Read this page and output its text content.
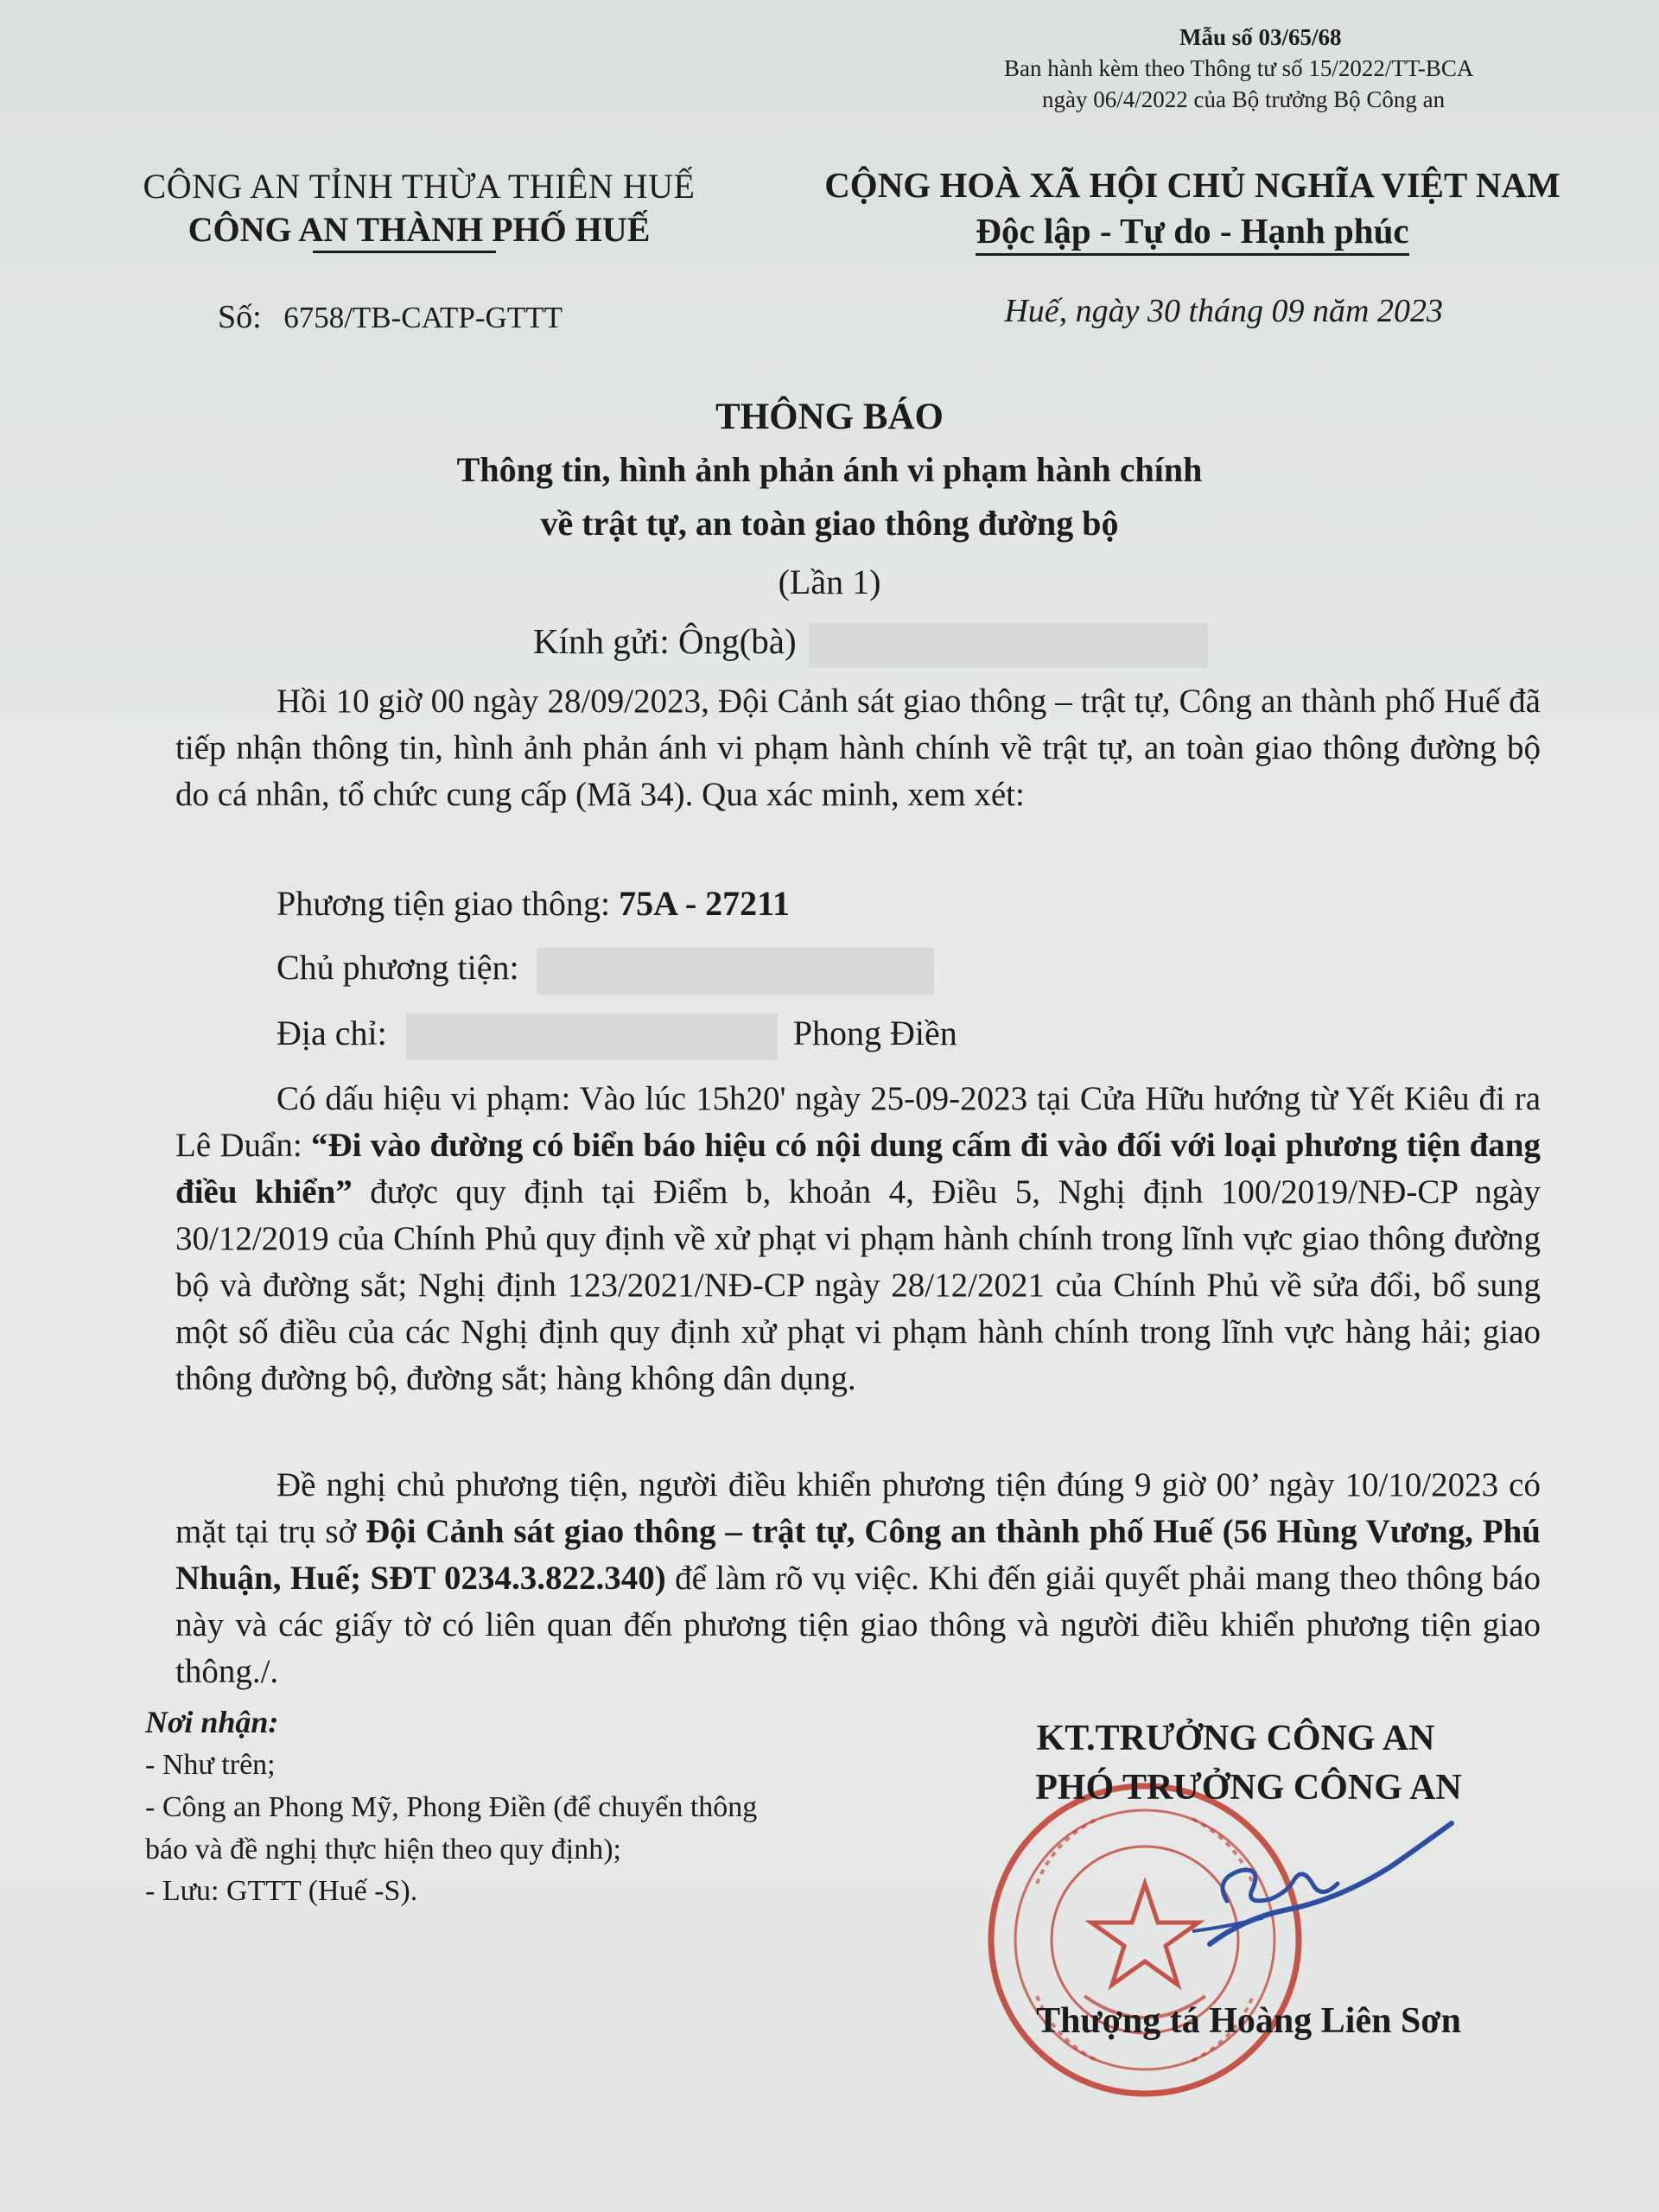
Mẫu số 03/65/68
Ban hành kèm theo Thông tư số 15/2022/TT-BCA
ngày 06/4/2022 của Bộ trưởng Bộ Công an
CÔNG AN TỈNH THỪA THIÊN HUẾ
CÔNG AN THÀNH PHỐ HUẾ
Số: 6758/TB-CATP-GTTT
CỘNG HOÀ XÃ HỘI CHỦ NGHĨA VIỆT NAM
Độc lập - Tự do - Hạnh phúc
Huế, ngày 30 tháng 09 năm 2023
THÔNG BÁO
Thông tin, hình ảnh phản ánh vi phạm hành chính
về trật tự, an toàn giao thông đường bộ
(Lần 1)
Kính gửi: Ông(bà)
Hồi 10 giờ 00 ngày 28/09/2023, Đội Cảnh sát giao thông – trật tự, Công an thành phố Huế đã tiếp nhận thông tin, hình ảnh phản ánh vi phạm hành chính về trật tự, an toàn giao thông đường bộ do cá nhân, tổ chức cung cấp (Mã 34). Qua xác minh, xem xét:
Phương tiện giao thông: 75A - 27211
Chủ phương tiện:
Địa chỉ:	Phong Điền
Có dấu hiệu vi phạm: Vào lúc 15h20' ngày 25-09-2023 tại Cửa Hữu hướng từ Yết Kiêu đi ra Lê Duẩn: “Đi vào đường có biển báo hiệu có nội dung cấm đi vào đối với loại phương tiện đang điều khiển” được quy định tại Điểm b, khoản 4, Điều 5, Nghị định 100/2019/NĐ-CP ngày 30/12/2019 của Chính Phủ quy định về xử phạt vi phạm hành chính trong lĩnh vực giao thông đường bộ và đường sắt; Nghị định 123/2021/NĐ-CP ngày 28/12/2021 của Chính Phủ về sửa đổi, bổ sung một số điều của các Nghị định quy định xử phạt vi phạm hành chính trong lĩnh vực hàng hải; giao thông đường bộ, đường sắt; hàng không dân dụng.
Đề nghị chủ phương tiện, người điều khiển phương tiện đúng 9 giờ 00’ ngày 10/10/2023 có mặt tại trụ sở Đội Cảnh sát giao thông – trật tự, Công an thành phố Huế (56 Hùng Vương, Phú Nhuận, Huế; SĐT 0234.3.822.340) để làm rõ vụ việc. Khi đến giải quyết phải mang theo thông báo này và các giấy tờ có liên quan đến phương tiện giao thông và người điều khiển phương tiện giao thông./.
Nơi nhận:
- Như trên;
- Công an Phong Mỹ, Phong Điền (để chuyển thông
báo và đề nghị thực hiện theo quy định);
- Lưu: GTTT (Huế -S).
KT.TRƯỞNG CÔNG AN
PHÓ TRƯỞNG CÔNG AN
Thượng tá Hoàng Liên Sơn
